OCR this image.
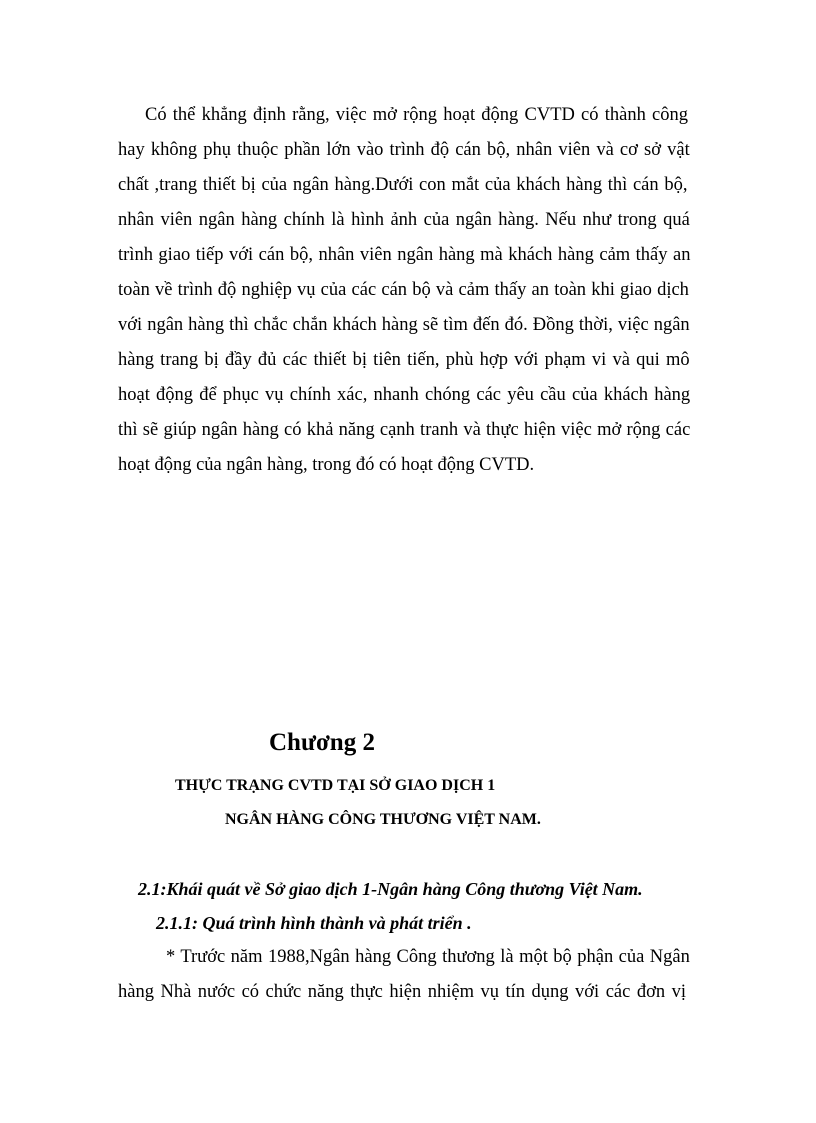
Có thể khẳng định rằng, việc mở rộng hoạt động CVTD có thành công
hay không phụ thuộc phần lớn vào trình độ cán bộ, nhân viên và cơ sở vật
chất ,trang thiết bị của ngân hàng.Dưới con mắt của khách hàng thì cán bộ,
nhân viên ngân hàng chính là hình ảnh của ngân hàng. Nếu như trong quá
trình giao tiếp với cán bộ, nhân viên ngân hàng mà khách hàng cảm thấy an
toàn về trình độ nghiệp vụ của các cán bộ và cảm thấy an toàn khi giao dịch
với ngân hàng thì chắc chắn khách hàng sẽ tìm đến đó. Đồng thời, việc ngân
hàng trang bị đầy đủ các thiết bị tiên tiến, phù hợp với phạm vi và qui mô
hoạt động để phục vụ chính xác, nhanh chóng các yêu cầu của khách hàng
thì sẽ giúp ngân hàng có khả năng cạnh tranh và thực hiện việc mở rộng các
hoạt động của ngân hàng, trong đó có hoạt động CVTD.
Chương 2
THỰC TRẠNG CVTD TẠI SỞ GIAO DỊCH 1
NGÂN HÀNG CÔNG THƯƠNG VIỆT NAM.
2.1:Khái quát về Sở giao dịch 1-Ngân hàng Công thương Việt Nam.
2.1.1: Quá trình hình thành và phát triển .
* Trước năm 1988,Ngân hàng Công thương là một bộ phận của Ngân
hàng Nhà nước có chức năng thực hiện nhiệm vụ tín dụng với các đơn vị
